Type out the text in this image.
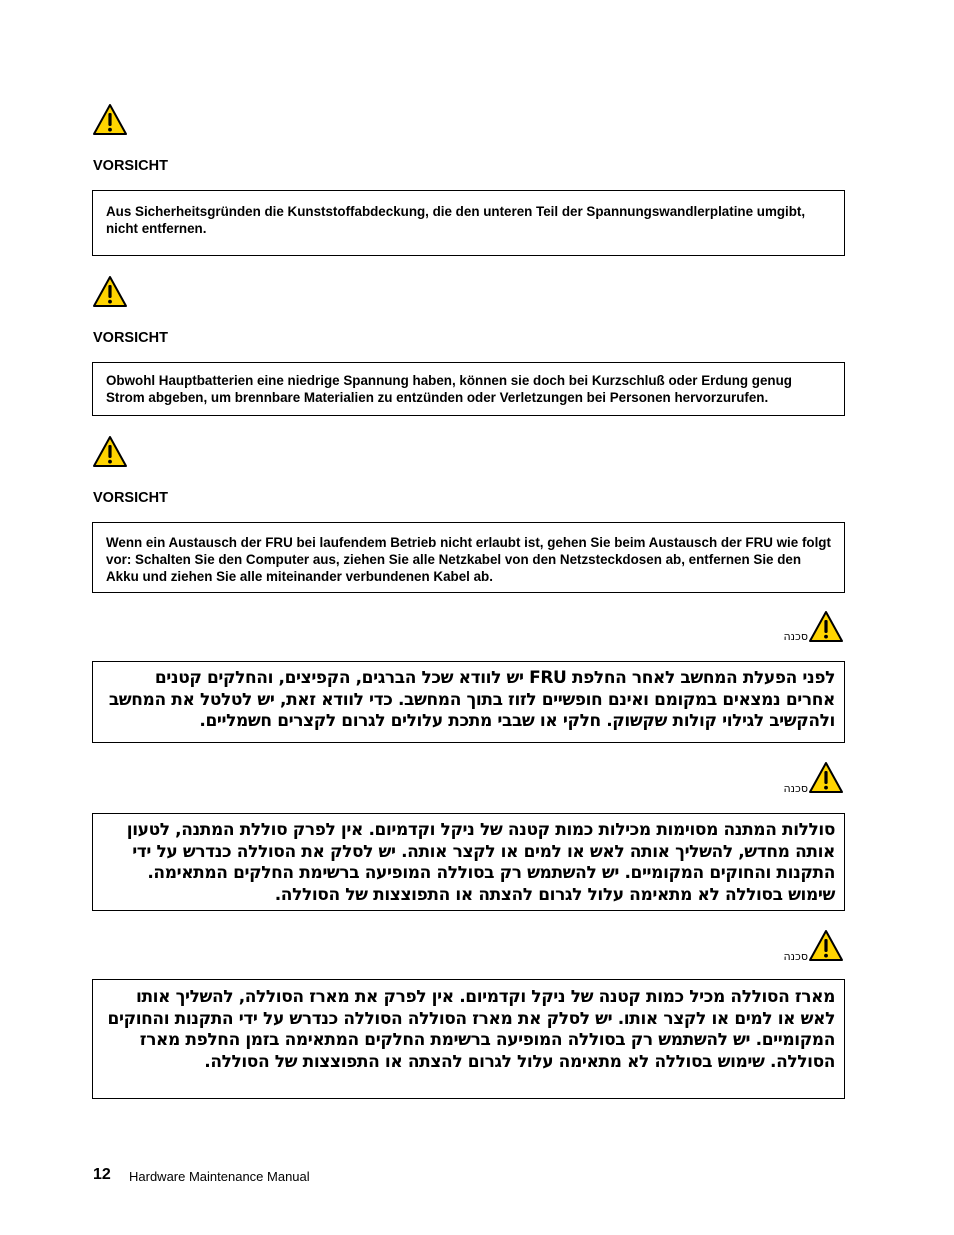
VORSICHT
Aus Sicherheitsgründen die Kunststoffabdeckung, die den unteren Teil der Spannungswandlerplatine umgibt, nicht entfernen.
VORSICHT
Obwohl Hauptbatterien eine niedrige Spannung haben, können sie doch bei Kurzschluß oder Erdung genug Strom abgeben, um brennbare Materialien zu entzünden oder Verletzungen bei Personen hervorzurufen.
VORSICHT
Wenn ein Austausch der FRU bei laufendem Betrieb nicht erlaubt ist, gehen Sie beim Austausch der FRU wie folgt vor: Schalten Sie den Computer aus, ziehen Sie alle Netzkabel von den Netzsteckdosen ab, entfernen Sie den Akku und ziehen Sie alle miteinander verbundenen Kabel ab.
סכנה
לפני הפעלת המחשב לאחר החלפת FRU יש לוודא שכל הברגים, הקפיצים, והחלקים קטנים אחרים נמצאים במקומם ואינם חופשיים לזוז בתוך המחשב. כדי לוודא זאת, יש לטלטל את המחשב ולהקשיב לגילוי קולות שקשוק. חלקי או שבבי מתכת עלולים לגרום לקצרים חשמליים.
סכנה
סוללות המתנה מסוימות מכילות כמות קטנה של ניקל וקדמיום. אין לפרק סוללת המתנה, לטעון אותה מחדש, להשליך אותה לאש או למים או לקצר אותה. יש לסלק את הסוללה כנדרש על ידי התקנות והחוקים המקומיים. יש להשתמש רק בסוללה המופיעה ברשימת החלקים המתאימה. שימוש בסוללה לא מתאימה עלול לגרום להצתה או התפוצצות של הסוללה.
סכנה
מארז הסוללה מכיל כמות קטנה של ניקל וקדמיום. אין לפרק את מארז הסוללה, להשליך אותו לאש או למים או לקצר אותו. יש לסלק את מארז הסוללה הסוללה כנדרש על ידי התקנות והחוקים המקומיים. יש להשתמש רק בסוללה המופיעה ברשימת החלקים המתאימה בזמן החלפת מארז הסוללה. שימוש בסוללה לא מתאימה עלול לגרום להצתה או התפוצצות של הסוללה.
12 Hardware Maintenance Manual
